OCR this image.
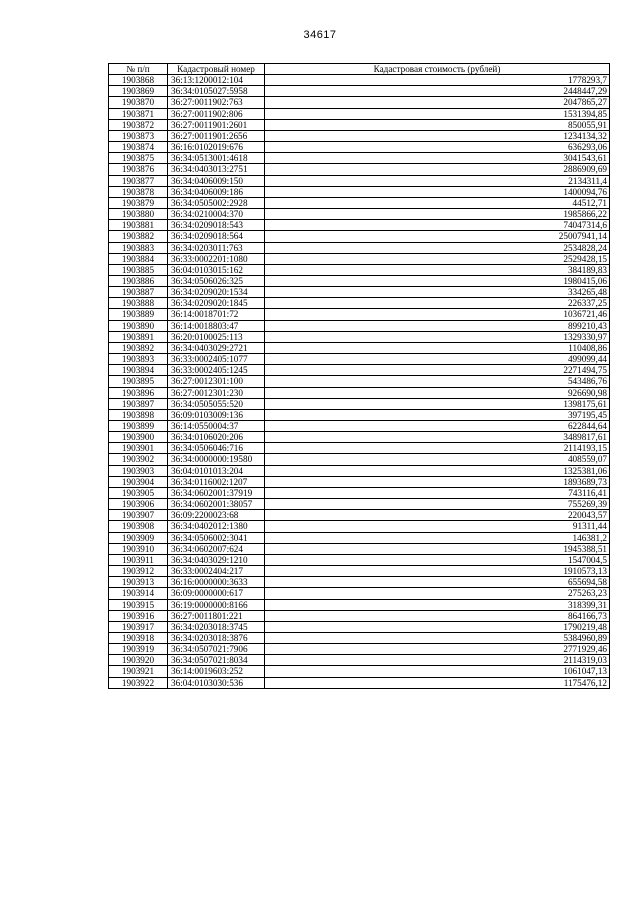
34617
№ п/п	Кадастровый номер	Кадастровая стоимость (рублей)
1903868	36:13:1200012:104	1778293,7
1903869	36:34:0105027:5958	2448447,29
1903870	36:27:0011902:763	2047865,27
1903871	36:27:0011902:806	1531394,85
1903872	36:27:0011901:2601	850055,91
1903873	36:27:0011901:2656	1234134,32
1903874	36:16:0102019:676	636293,06
1903875	36:34:0513001:4618	3041543,61
1903876	36:34:0403013:2751	2886909,69
1903877	36:34:0406009:150	2134311,4
1903878	36:34:0406009:186	1400094,76
1903879	36:34:0505002:2928	44512,71
1903880	36:34:0210004:370	1985866,22
1903881	36:34:0209018:543	74047314,6
1903882	36:34:0209018:564	25007941,14
1903883	36:34:0203011:763	2534828,24
1903884	36:33:0002201:1080	2529428,15
1903885	36:04:0103015:162	384189,83
1903886	36:34:0506026:325	1980415,06
1903887	36:34:0209020:1534	334265,48
1903888	36:34:0209020:1845	226337,25
1903889	36:14:0018701:72	1036721,46
1903890	36:14:0018803:47	899210,43
1903891	36:20:0100025:113	1329330,97
1903892	36:34:0403029:2721	110408,86
1903893	36:33:0002405:1077	499099,44
1903894	36:33:0002405:1245	2271494,75
1903895	36:27:0012301:100	543486,76
1903896	36:27:0012301:230	926690,98
1903897	36:34:0505055:520	1398175,61
1903898	36:09:0103009:136	397195,45
1903899	36:14:0550004:37	622844,64
1903900	36:34:0106020:206	3489817,61
1903901	36:34:0506046:716	2114193,15
1903902	36:34:0000000:19580	408559,07
1903903	36:04:0101013:204	1325381,06
1903904	36:34:0116002:1207	1893689,73
1903905	36:34:0602001:37919	743116,41
1903906	36:34:0602001:38057	755269,39
1903907	36:09:2200023:68	220043,57
1903908	36:34:0402012:1380	91311,44
1903909	36:34:0506002:3041	146381,2
1903910	36:34:0602007:624	1945388,51
1903911	36:34:0403029:1210	1547004,5
1903912	36:33:0002404:217	1910573,13
1903913	36:16:0000000:3633	655694,58
1903914	36:09:0000000:617	275263,23
1903915	36:19:0000000:8166	318399,31
1903916	36:27:0011801:221	864166,73
1903917	36:34:0203018:3745	1790219,48
1903918	36:34:0203018:3876	5384960,89
1903919	36:34:0507021:7906	2771929,46
1903920	36:34:0507021:8034	2114319,03
1903921	36:14:0019603:252	1061047,13
1903922	36:04:0103030:536	1175476,12
